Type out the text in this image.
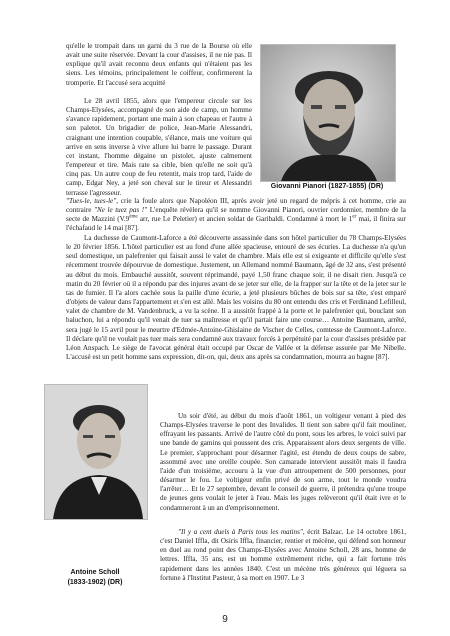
qu'elle le trompait dans un garni du 3 rue de la Bourse où elle avait une suite réservée. Devant la cour d'assises, il ne nie pas. Il explique qu'il avait reconnu deux enfants qui n'étaient pas les siens. Les témoins, principalement le coiffeur, confirmerent la tromperie. Et l'accusé sera acquitté

Le 28 avril 1855, alors que l'empereur circule sur les Champs-Elysées, accompagné de son aide de camp, un homme s'avance rapidement, portant une main à son chapeau et l'autre à son paletot. Un brigadier de police, Jean-Marie Alessandri, craignant une intention coupable, s'élance, mais une voiture qui arrive en sens inverse à vive allure lui barre le passage. Durant cet instant, l'homme dégaine un pistolet, ajuste calmement l'empereur et tire. Mais rate sa cible, bien qu'elle ne soit qu'à cinq pas. Un autre coup de feu retentit, mais trop tard, l'aide de camp, Edgar Ney, a jeté son cheval sur le tireur et Alessandri terrasse l'agresseur.

"Tues-le, tues-le", crie la foule alors que Napoléon III, après avoir jeté un regard de mépris à cet homme, crie au contraire "Ne le tuez pas !" L'enquête révèlera qu'il se nomme Giovanni Pianori, ouvrier cordonnier, membre de la secte de Mazzini (V.9ème arr, rue Le Peletier) et ancien soldat de Garibaldi. Condamné à mort le 1er mai, il finira sur l'échafaud le 14 mai [87].

Giovanni Pianori (1827-1855) (DR)

La duchesse de Caumont-Laforce a été découverte assassinée dans son hôtel particulier du 78 Champs-Elysées le 20 février 1856. L'hôtel particulier est au fond d'une allée spacieuse, entouré de ses écuries. La duchesse n'a qu'un seul domestique, un palefrenier qui faisait aussi le valet de chambre. Mais elle est si exigeante et difficile qu'elle s'est récemment trouvée dépourvue de domestique. Justement, un Allemand nommé Baumann, âgé de 32 ans, s'est présenté au début du mois. Embauché aussitôt, souvent réprimandé, payé 1,50 franc chaque soir, il ne disait rien. Jusqu'à ce matin du 20 février où il a répondu par des injures avant de se jeter sur elle, de la frapper sur la tête et de la jeter sur le tas de fumier. Il l'a alors cachée sous la paille d'une écurie, a jeté plusieurs bûches de bois sur sa tête, s'est emparé d'objets de valeur dans l'appartement et s'en est allé. Mais les voisins du 80 ont entendu des cris et Ferdinand Lefilleul, valet de chambre de M. Vandenbruck, a vu la scène. Il a aussitôt frappé à la porte et le palefrenier qui, bouclant son baluchon, lui a répondu qu'il venait de tuer sa maîtresse et qu'il partait faire une course… Antoine Baumann, arrêté, sera jugé le 15 avril pour le meurtre d'Edmée-Antoine-Ghislaine de Vischer de Celles, comtesse de Caumont-Laforce. Il déclare qu'il ne voulait pas tuer mais sera condamné aux travaux forcés à perpétuité par la cour d'assises présidée par Léon Anspach. Le siège de l'avocat général était occupé par Oscar de Vallée et la défense assurée par Me Nibelle. L'accusé est un petit homme sans expression, dit-on, qui, deux ans après sa condamnation, mourra au bagne [87].

Antoine Scholl
(1833-1902) (DR)

Un soir d'été, au début du mois d'août 1861, un voltigeur venant à pied des Champs-Elysées traverse le pont des Invalides. Il tient son sabre qu'il fait mouliner, effrayant les passants. Arrivé de l'autre côté du pont, sous les arbres, le voici suivi par une bande de gamins qui poussent des cris. Apparaissent alors deux sergents de ville. Le premier, s'approchant pour désarmer l'agité, est étendu de deux coups de sabre, assommé avec une oreille coupée. Son camarade intervient aussitôt mais il faudra l'aide d'un troisième, accouru à la vue d'un attroupement de 500 personnes, pour désarmer le fou. Le voltigeur enfin privé de son arme, tout le monde voudra l'arrêter… Et le 27 septembre, devant le conseil de guerre, il prétendra qu'une troupe de jeunes gens voulait le jeter à l'eau. Mais les juges relèveront qu'il était ivre et le condamneront à un an d'emprisonnement.

"Il y a cent duels à Paris tous les matins", écrit Balzac. Le 14 octobre 1861, c'est Daniel Iffla, dit Osiris Iffla, financier, rentier et mécène, qui défend son honneur en duel au rond point des Champs-Elysées avec Antoine Scholl, 28 ans, homme de lettres. Iffla, 35 ans, est un homme extrêmement riche, qui a fait fortune très rapidement dans les années 1840. C'est un mécène très généreux qui léguera sa fortune à l'Institut Pasteur, à sa mort en 1907. Le 3

9
